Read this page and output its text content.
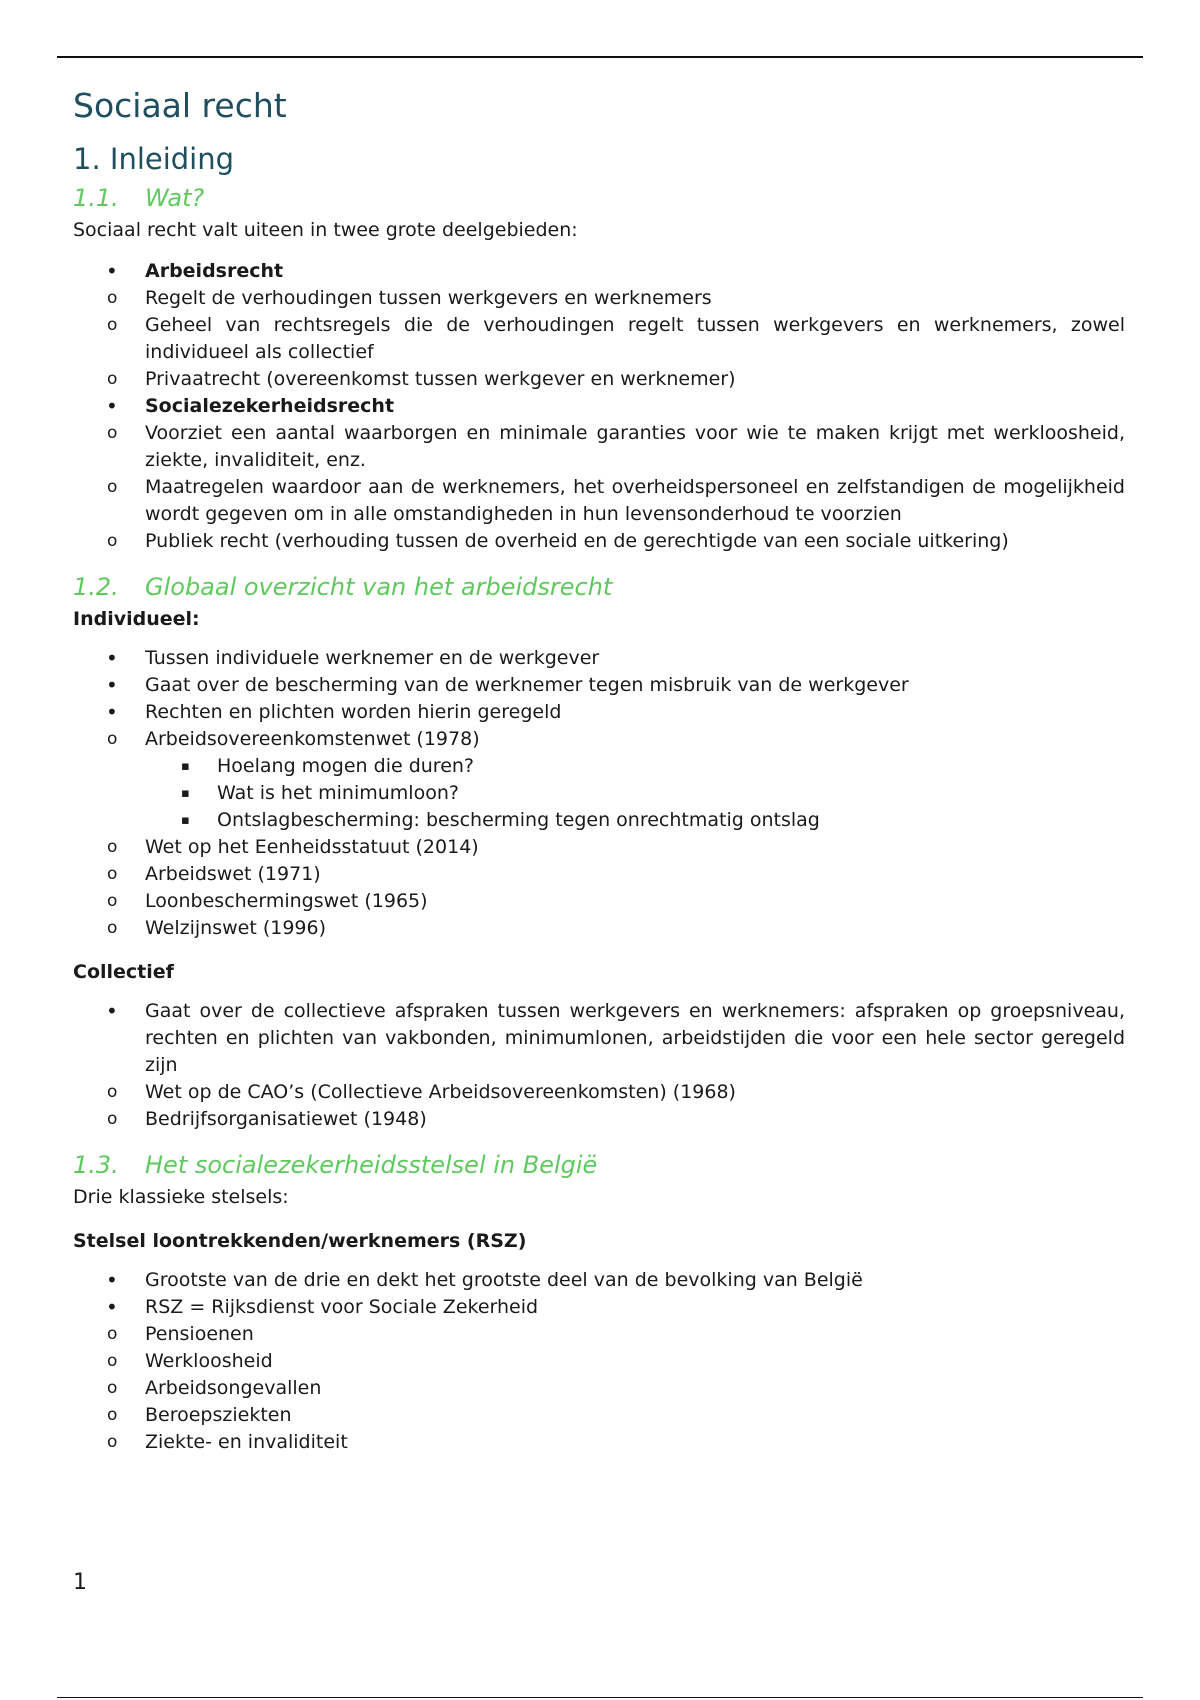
Sociaal recht
1. Inleiding
1.1.	Wat?

Sociaal recht valt uiteen in twee grote deelgebieden:

• Arbeidsrecht
o Regelt de verhoudingen tussen werkgevers en werknemers
o Geheel van rechtsregels die de verhoudingen regelt tussen werkgevers en werknemers, zowel individueel als collectief
o Privaatrecht (overeenkomst tussen werkgever en werknemer)
• Socialezekerheidsrecht
o Voorziet een aantal waarborgen en minimale garanties voor wie te maken krijgt met werkloosheid, ziekte, invaliditeit, enz.
o Maatregelen waardoor aan de werknemers, het overheidspersoneel en zelfstandigen de mogelijkheid wordt gegeven om in alle omstandigheden in hun levensonderhoud te voorzien
o Publiek recht (verhouding tussen de overheid en de gerechtigde van een sociale uitkering)
1.2.	Globaal overzicht van het arbeidsrecht

Individueel:

• Tussen individuele werknemer en de werkgever
• Gaat over de bescherming van de werknemer tegen misbruik van de werkgever
• Rechten en plichten worden hierin geregeld
o Arbeidsovereenkomstenwet (1978)
▪ Hoelang mogen die duren?
▪ Wat is het minimumloon?
▪ Ontslagbescherming: bescherming tegen onrechtmatig ontslag
o Wet op het Eenheidsstatuut (2014)
o Arbeidswet (1971)
o Loonbeschermingswet (1965)
o Welzijnswet (1996)

Collectief

• Gaat over de collectieve afspraken tussen werkgevers en werknemers: afspraken op groepsniveau, rechten en plichten van vakbonden, minimumlonen, arbeidstijden die voor een hele sector geregeld zijn
o Wet op de CAO’s (Collectieve Arbeidsovereenkomsten) (1968)
o Bedrijfsorganisatiewet (1948)
1.3.	Het socialezekerheidsstelsel in België

Drie klassieke stelsels:

Stelsel loontrekkenden/werknemers (RSZ)

• Grootste van de drie en dekt het grootste deel van de bevolking van België
• RSZ = Rijksdienst voor Sociale Zekerheid
o Pensioenen
o Werkloosheid
o Arbeidsongevallen
o Beroepsziekten
o Ziekte- en invaliditeit
1
